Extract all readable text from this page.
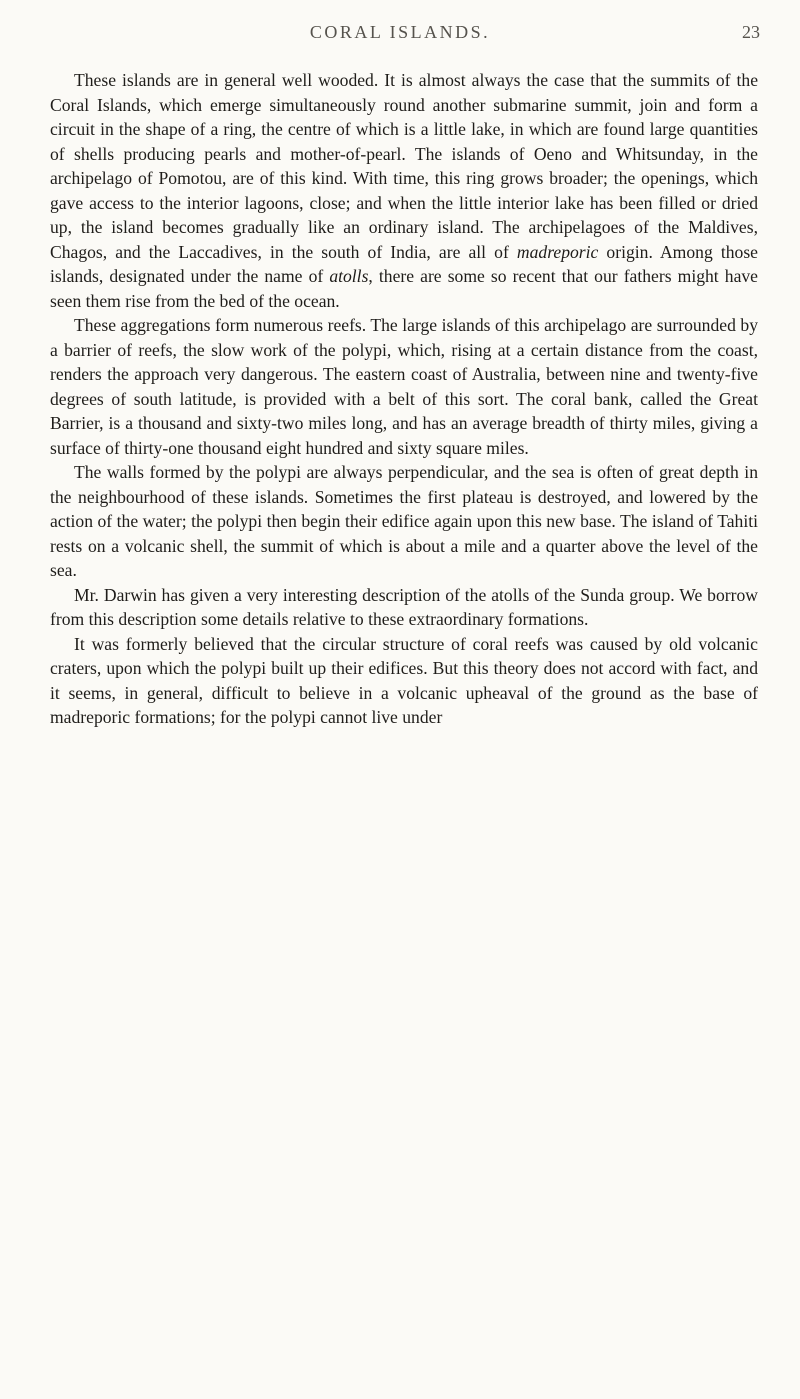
CORAL ISLANDS.	23

These islands are in general well wooded. It is almost always the case that the summits of the Coral Islands, which emerge simultaneously round another submarine summit, join and form a circuit in the shape of a ring, the centre of which is a little lake, in which are found large quantities of shells producing pearls and mother-of-pearl. The islands of Oeno and Whitsunday, in the archipelago of Pomotou, are of this kind. With time, this ring grows broader; the openings, which gave access to the interior lagoons, close; and when the little interior lake has been filled or dried up, the island becomes gradually like an ordinary island. The archipelagoes of the Maldives, Chagos, and the Laccadives, in the south of India, are all of madreporic origin. Among those islands, designated under the name of atolls, there are some so recent that our fathers might have seen them rise from the bed of the ocean.

These aggregations form numerous reefs. The large islands of this archipelago are surrounded by a barrier of reefs, the slow work of the polypi, which, rising at a certain distance from the coast, renders the approach very dangerous. The eastern coast of Australia, between nine and twenty-five degrees of south latitude, is provided with a belt of this sort. The coral bank, called the Great Barrier, is a thousand and sixty-two miles long, and has an average breadth of thirty miles, giving a surface of thirty-one thousand eight hundred and sixty square miles.

The walls formed by the polypi are always perpendicular, and the sea is often of great depth in the neighbourhood of these islands. Sometimes the first plateau is destroyed, and lowered by the action of the water; the polypi then begin their edifice again upon this new base. The island of Tahiti rests on a volcanic shell, the summit of which is about a mile and a quarter above the level of the sea.

Mr. Darwin has given a very interesting description of the atolls of the Sunda group. We borrow from this description some details relative to these extraordinary formations.

It was formerly believed that the circular structure of coral reefs was caused by old volcanic craters, upon which the polypi built up their edifices. But this theory does not accord with fact, and it seems, in general, difficult to believe in a volcanic upheaval of the ground as the base of madreporic formations; for the polypi cannot live under
